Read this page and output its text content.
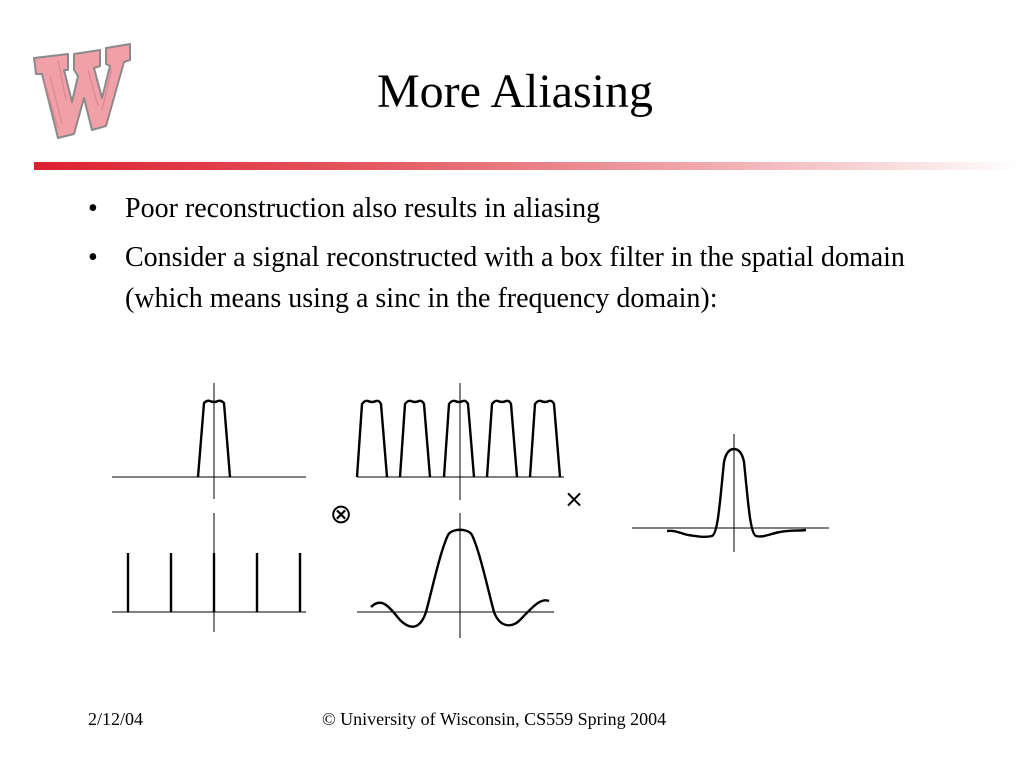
More Aliasing
• Poor reconstruction also results in aliasing
• Consider a signal reconstructed with a box filter in the spatial domain (which means using a sinc in the frequency domain):
⊗	×
2/12/04	© University of Wisconsin, CS559 Spring 2004
